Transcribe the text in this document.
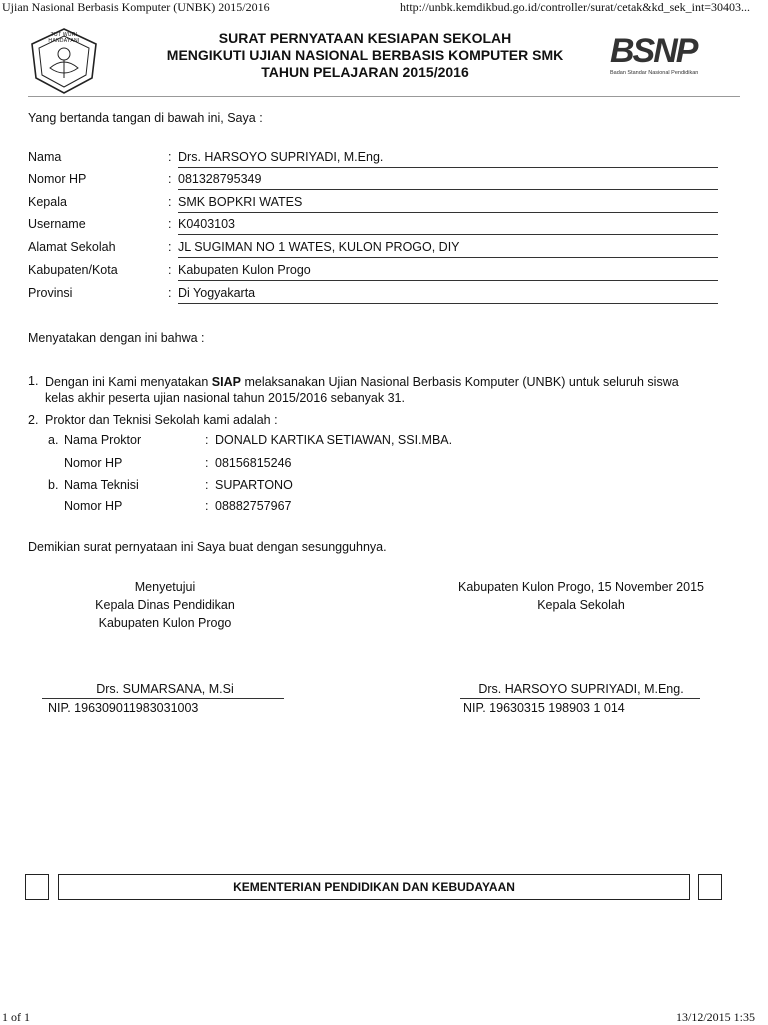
Ujian Nasional Berbasis Komputer (UNBK) 2015/2016	http://unbk.kemdikbud.go.id/controller/surat/cetak&kd_sek_int=30403...
TUT WURI HANDAYANI	SURAT PERNYATAAN KESIAPAN SEKOLAH
MENGIKUTI UJIAN NASIONAL BERBASIS KOMPUTER SMK
TAHUN PELAJARAN 2015/2016
BSNP
Badan Standar Nasional Pendidikan
Yang bertanda tangan di bawah ini, Saya :
Nama	: Drs. HARSOYO SUPRIYADI, M.Eng.
Nomor HP	: 081328795349
Kepala	: SMK BOPKRI WATES
Username	: K0403103
Alamat Sekolah	: JL SUGIMAN NO 1 WATES, KULON PROGO, DIY
Kabupaten/Kota	: Kabupaten Kulon Progo
Provinsi	: Di Yogyakarta
Menyatakan dengan ini bahwa :
1. Dengan ini Kami menyatakan SIAP melaksanakan Ujian Nasional Berbasis Komputer (UNBK) untuk seluruh siswa
kelas akhir peserta ujian nasional tahun 2015/2016 sebanyak 31.
2. Proktor dan Teknisi Sekolah kami adalah :
a. Nama Proktor	: DONALD KARTIKA SETIAWAN, SSI.MBA.
Nomor HP	: 08156815246
b. Nama Teknisi	: SUPARTONO
Nomor HP	: 08882757967
Demikian surat pernyataan ini Saya buat dengan sesungguhnya.
Menyetujui
Kepala Dinas Pendidikan
Kabupaten Kulon Progo
Drs. SUMARSANA, M.Si
NIP. 196309011983031003
Kabupaten Kulon Progo, 15 November 2015
Kepala Sekolah
Drs. HARSOYO SUPRIYADI, M.Eng.
NIP. 19630315 198903 1 014
KEMENTERIAN PENDIDIKAN DAN KEBUDAYAAN
1 of 1	13/12/2015 1:35
